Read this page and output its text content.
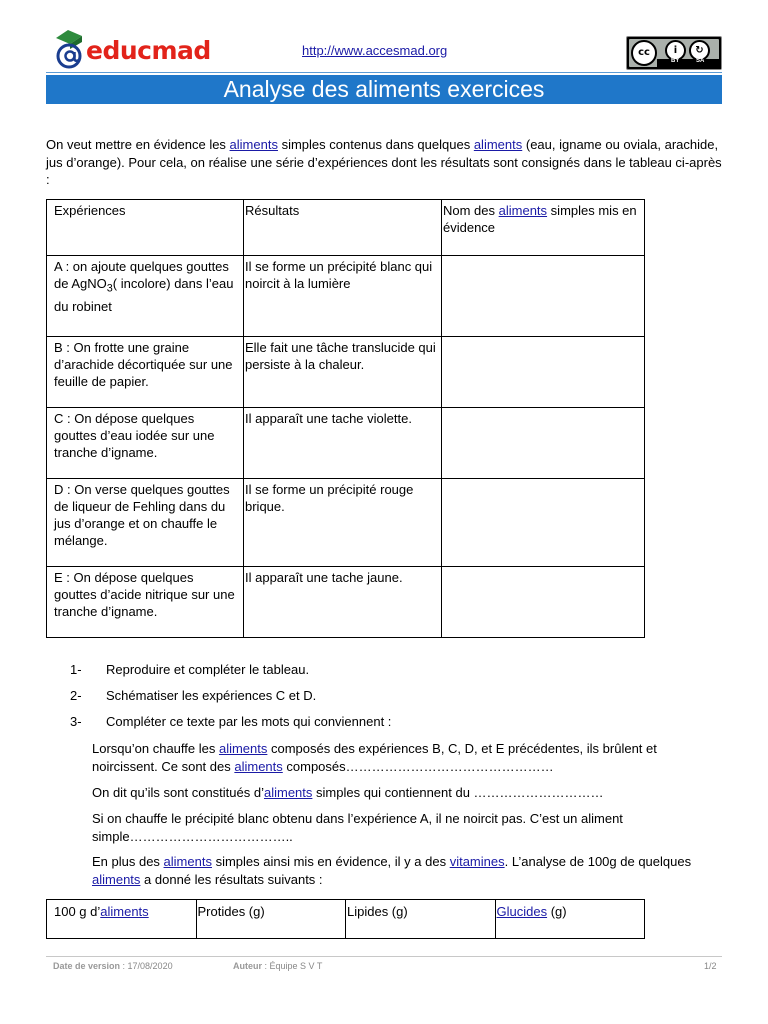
educmad	http://www.accesmad.org	cc	i	↻
BY	SA
Analyse des aliments exercices
On veut mettre en évidence les aliments simples contenus dans quelques aliments (eau, igname ou oviala, arachide, jus d’orange). Pour cela, on réalise une série d’expériences dont les résultats sont consignés dans le tableau ci-après :
Expériences	Résultats	Nom des aliments simples mis en évidence
A : on ajoute quelques gouttes de AgNO$_3$( incolore) dans l’eau du robinet	Il se forme un précipité blanc qui noircit à la lumière	
B : On frotte une graine d’arachide décortiquée sur une feuille de papier.	Elle fait une tâche translucide qui persiste à la chaleur.	
C : On dépose quelques gouttes d’eau iodée sur une tranche d’igname.	Il apparaît une tache violette.	
D : On verse quelques gouttes de liqueur de Fehling dans du jus d’orange et on chauffe le mélange.	Il se forme un précipité rouge brique.	
E : On dépose quelques gouttes d’acide nitrique sur une tranche d’igname.	Il apparaît une tache jaune.	
1- Reproduire et compléter le tableau.
2- Schématiser les expériences C et D.
3- Compléter ce texte par les mots qui conviennent :
Lorsqu’on chauffe les aliments composés des expériences B, C, D, et E précédentes, ils brûlent et noircissent. Ce sont des aliments composés…………………………………………
On dit qu’ils sont constitués d’aliments simples qui contiennent du …………………………
Si on chauffe le précipité blanc obtenu dans l’expérience A, il ne noircit pas. C’est un aliment simple………………………………..
En plus des aliments simples ainsi mis en évidence, il y a des vitamines. L’analyse de 100g de quelques aliments a donné les résultats suivants :
100 g d’aliments	Protides (g)	Lipides (g)	Glucides (g)
Date de version : 17/08/2020	Auteur : Équipe S V T	1/2
